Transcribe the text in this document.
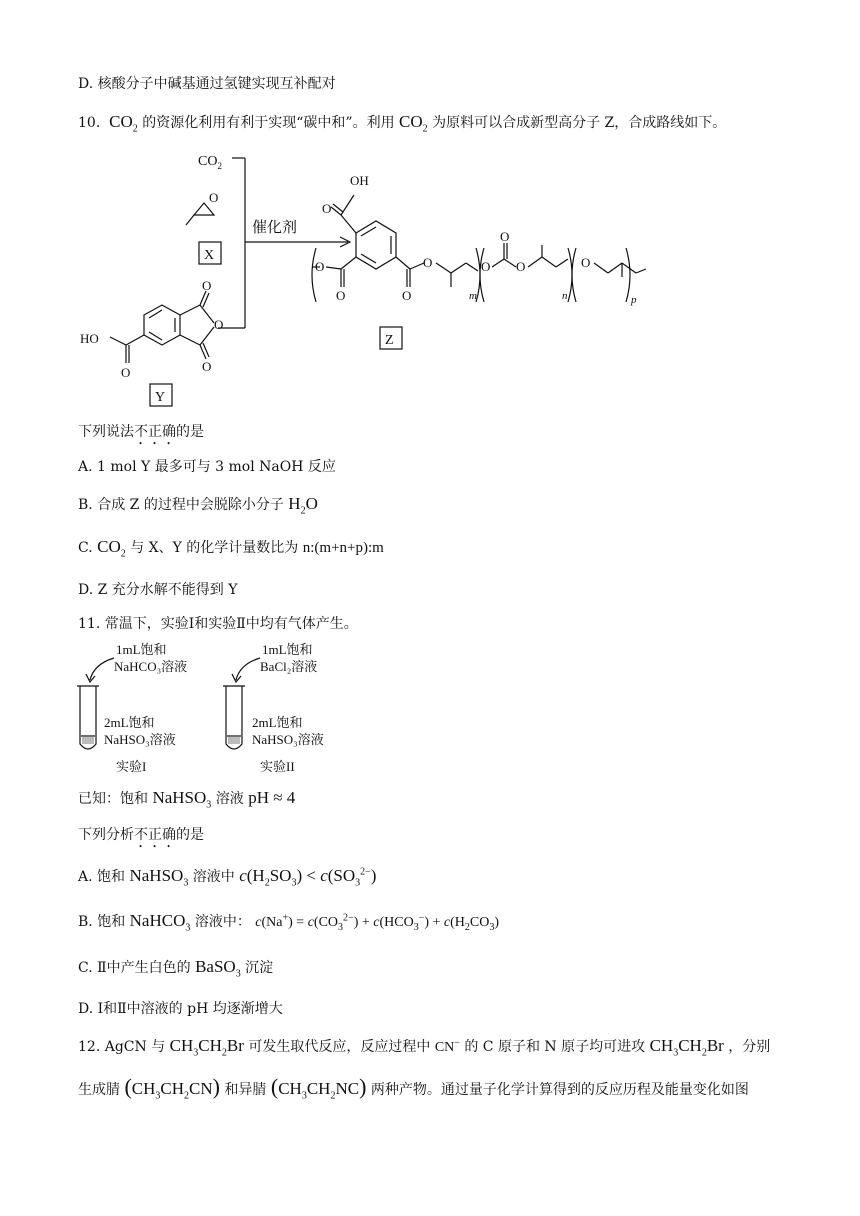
D. 核酸分子中碱基通过氢键实现互补配对
10. $CO_2$ 的资源化利用有利于实现“碳中和”。利用 $CO_2$ 为原料可以合成新型高分子 Z，合成路线如下。
$CO_2$
O
X
催化剂
O
O
O
HO
O
Y
OH
O
O
O	O
O
m
O
O
O
n
O
p
Z
下列说法不正确的是
A. 1 mol Y 最多可与 3 mol NaOH 反应
B. 合成 Z 的过程中会脱除小分子 $H_2O$
C. $CO_2$ 与 X、Y 的化学计量数比为 n:(m+n+p):m
D. Z 充分水解不能得到 Y
11. 常温下，实验Ⅰ和实验Ⅱ中均有气体产生。
1mL饱和
NaHCO₃溶液
2mL饱和
NaHSO₃溶液
实验I
1mL饱和
BaCl₂溶液
2mL饱和
NaHSO₃溶液
实验II
已知：饱和 NaHSO$_3$ 溶液 pH ≈ 4
下列分析不正确的是
A. 饱和 NaHSO$_3$ 溶液中 $c(H_2SO_3) < c(SO_3^{2-})$
B. 饱和 NaHCO$_3$ 溶液中： $c(Na^+) = c(CO_3^{2-}) + c(HCO_3^-) + c(H_2CO_3)$
C. Ⅱ中产生白色的 BaSO$_3$ 沉淀
D. Ⅰ和Ⅱ中溶液的 pH 均逐渐增大
12. AgCN 与 $CH_3CH_2Br$ 可发生取代反应，反应过程中 CN− 的 C 原子和 N 原子均可进攻 $CH_3CH_2Br$ ，分别
生成腈 $(CH_3CH_2CN)$ 和异腈 $(CH_3CH_2NC)$ 两种产物。通过量子化学计算得到的反应历程及能量变化如图
